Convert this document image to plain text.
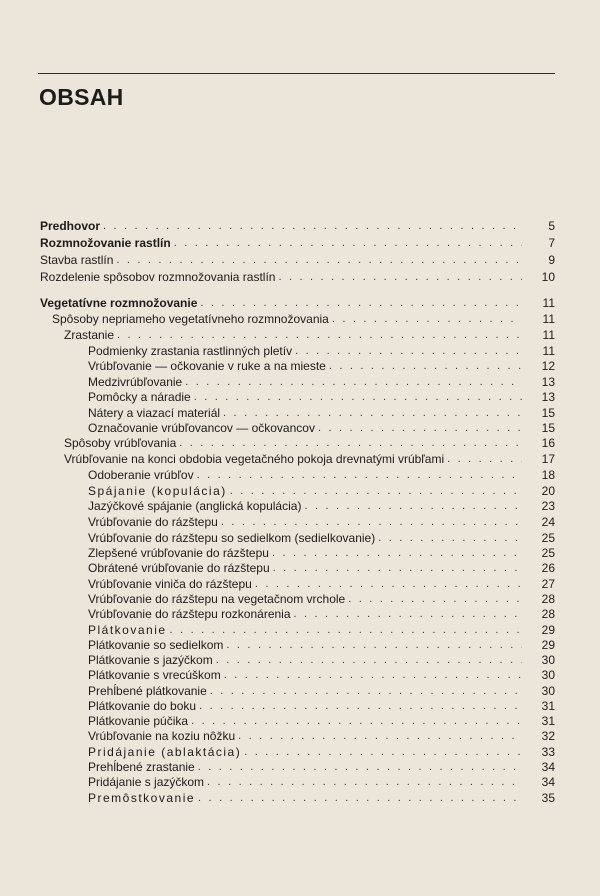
OBSAH
Predhovor . . .	5
Rozmnožovanie rastlín . . .	7
Stavba rastlín . . .	9
Rozdelenie spôsobov rozmnožovania rastlín . . .	10
Vegetatívne rozmnožovanie . . .	11
Spôsoby nepriameho vegetatívneho rozmnožovania . . .	11
Zrastanie . . .	11
Podmienky zrastania rastlinných pletív . . .	11
Vrúbľovanie — očkovanie v ruke a na mieste . . .	12
Medzivrúbľovanie . . .	13
Pomôcky a náradie . . .	13
Nátery a viazací materiál . . .	15
Označovanie vrúbľovancov — očkovancov . . .	15
Spôsoby vrúbľovania . . .	16
Vrúbľovanie na konci obdobia vegetačného pokoja drevnatými vrúbľami . . .	17
Odoberanie vrúbľov . . .	18
Spájanie (kopulácia) . . .	20
Jazýčkové spájanie (anglická kopulácia) . . .	23
Vrúbľovanie do rázštepu . . .	24
Vrúbľovanie do rázštepu so sedielkom (sedielkovanie) . . .	25
Zlepšené vrúbľovanie do rázštepu . . .	25
Obrátené vrúbľovanie do rázštepu . . .	26
Vrúbľovanie viniča do rázštepu . . .	27
Vrúbľovanie do rázštepu na vegetačnom vrchole . . .	28
Vrúbľovanie do rázštepu rozkonárenia . . .	28
Plátkovanie . . .	29
Plátkovanie so sedielkom . . .	29
Plátkovanie s jazýčkom . . .	30
Plátkovanie s vrecúškom . . .	30
Prehĺbené plátkovanie . . .	30
Plátkovanie do boku . . .	31
Plátkovanie púčika . . .	31
Vrúbľovanie na koziu nôžku . . .	32
Pridájanie (ablaktácia) . . .	33
Prehĺbené zrastanie . . .	34
Pridájanie s jazýčkom . . .	34
Premôstkovanie . . .	35
